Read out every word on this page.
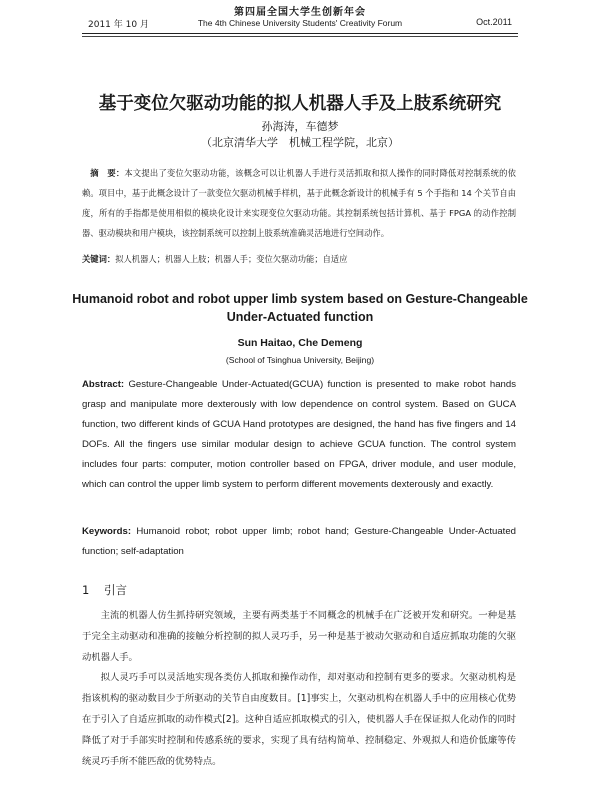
第四届全国大学生创新年会
2011 年 10 月	The 4th Chinese University Students' Creativity Forum	Oct.2011
基于变位欠驱动功能的拟人机器人手及上肢系统研究
孙海涛，车德梦
（北京清华大学　机械工程学院，北京）
摘　要：本文提出了变位欠驱动功能，该概念可以让机器人手进行灵活抓取和拟人操作的同时降低对控制系统的依赖。项目中，基于此概念设计了一款变位欠驱动机械手样机，基于此概念新设计的机械手有 5 个手指和 14 个关节自由度，所有的手指都是使用相似的模块化设计来实现变位欠驱动功能。其控制系统包括计算机、基于 FPGA 的动作控制器、驱动模块和用户模块，该控制系统可以控制上肢系统准确灵活地进行空间动作。
关键词：拟人机器人；机器人上肢；机器人手；变位欠驱动功能；自适应
Humanoid robot and robot upper limb system based on Gesture-Changeable Under-Actuated function
Sun Haitao, Che Demeng
(School of Tsinghua University, Beijing)
Abstract: Gesture-Changeable Under-Actuated(GCUA) function is presented to make robot hands grasp and manipulate more dexterously with low dependence on control system. Based on GUCA function, two different kinds of GCUA Hand prototypes are designed, the hand has five fingers and 14 DOFs. All the fingers use similar modular design to achieve GCUA function. The control system includes four parts: computer, motion controller based on FPGA, driver module, and user module, which can control the upper limb system to perform different movements dexterously and exactly.
Keywords: Humanoid robot; robot upper limb; robot hand; Gesture-Changeable Under-Actuated function; self-adaptation
1 引言
主流的机器人仿生抓持研究领域，主要有两类基于不同概念的机械手在广泛被开发和研究。一种是基于完全主动驱动和准确的接触分析控制的拟人灵巧手，另一种是基于被动欠驱动和自适应抓取功能的欠驱动机器人手。
拟人灵巧手可以灵活地实现各类仿人抓取和操作动作，却对驱动和控制有更多的要求。欠驱动机构是指该机构的驱动数目少于所驱动的关节自由度数目。[1]事实上，欠驱动机构在机器人手中的应用核心优势在于引入了自适应抓取的动作模式[2]。这种自适应抓取模式的引入，使机器人手在保证拟人化动作的同时降低了对于手部实时控制和传感系统的要求，实现了具有结构简单、控制稳定、外观拟人和造价低廉等传统灵巧手所不能匹敌的优势特点。
